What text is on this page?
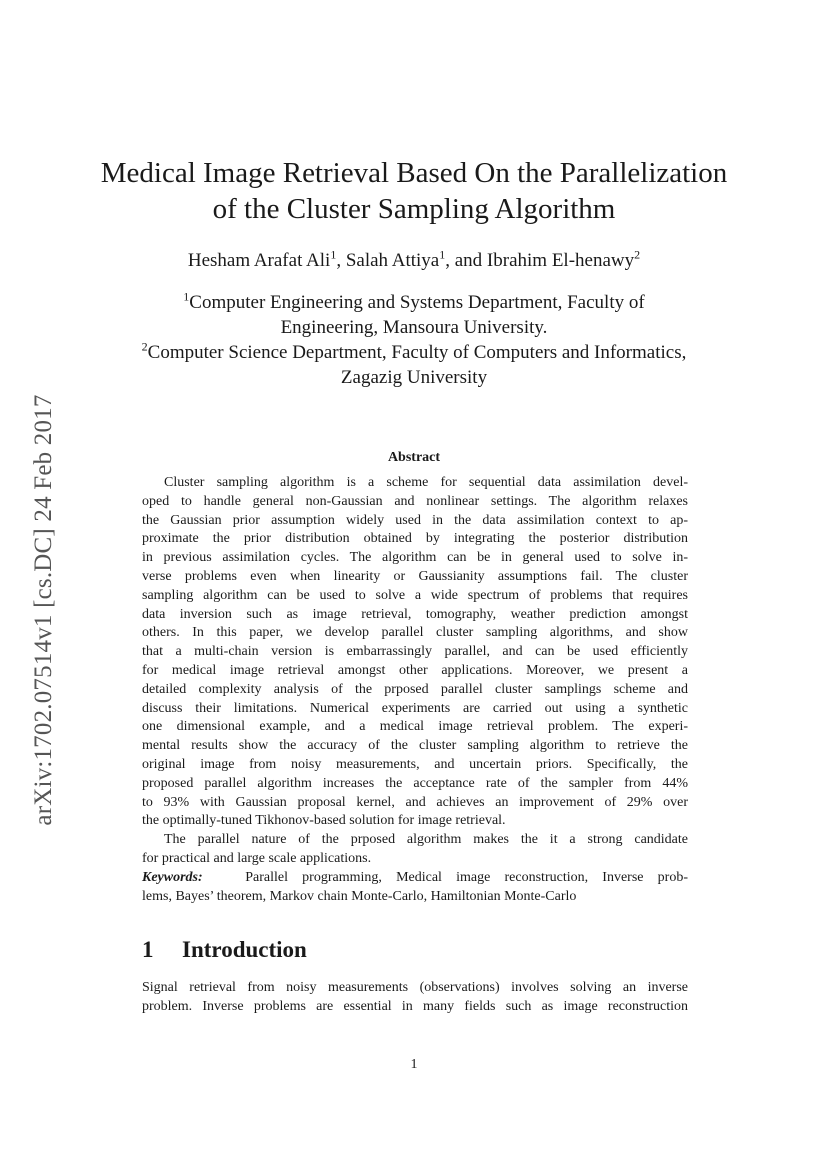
arXiv:1702.07514v1 [cs.DC] 24 Feb 2017
Medical Image Retrieval Based On the Parallelization
of the Cluster Sampling Algorithm
Hesham Arafat Ali$^1$, Salah Attiya$^1$, and Ibrahim El-henawy$^2$
$^1$Computer Engineering and Systems Department, Faculty of
Engineering, Mansoura University.
$^2$Computer Science Department, Faculty of Computers and Informatics,
Zagazig University
Abstract
Cluster sampling algorithm is a scheme for sequential data assimilation devel-
oped to handle general non-Gaussian and nonlinear settings. The algorithm relaxes
the Gaussian prior assumption widely used in the data assimilation context to ap-
proximate the prior distribution obtained by integrating the posterior distribution
in previous assimilation cycles. The algorithm can be in general used to solve in-
verse problems even when linearity or Gaussianity assumptions fail. The cluster
sampling algorithm can be used to solve a wide spectrum of problems that requires
data inversion such as image retrieval, tomography, weather prediction amongst
others. In this paper, we develop parallel cluster sampling algorithms, and show
that a multi-chain version is embarrassingly parallel, and can be used efficiently
for medical image retrieval amongst other applications. Moreover, we present a
detailed complexity analysis of the prposed parallel cluster samplings scheme and
discuss their limitations. Numerical experiments are carried out using a synthetic
one dimensional example, and a medical image retrieval problem. The experi-
mental results show the accuracy of the cluster sampling algorithm to retrieve the
original image from noisy measurements, and uncertain priors. Specifically, the
proposed parallel algorithm increases the acceptance rate of the sampler from 44%
to 93% with Gaussian proposal kernel, and achieves an improvement of 29% over
the optimally-tuned Tikhonov-based solution for image retrieval.
The parallel nature of the prposed algorithm makes the it a strong candidate
for practical and large scale applications.
Keywords:	Parallel programming, Medical image reconstruction, Inverse prob-
lems, Bayes’ theorem, Markov chain Monte-Carlo, Hamiltonian Monte-Carlo
1 Introduction
Signal retrieval from noisy measurements (observations) involves solving an inverse
problem. Inverse problems are essential in many fields such as image reconstruction
1
